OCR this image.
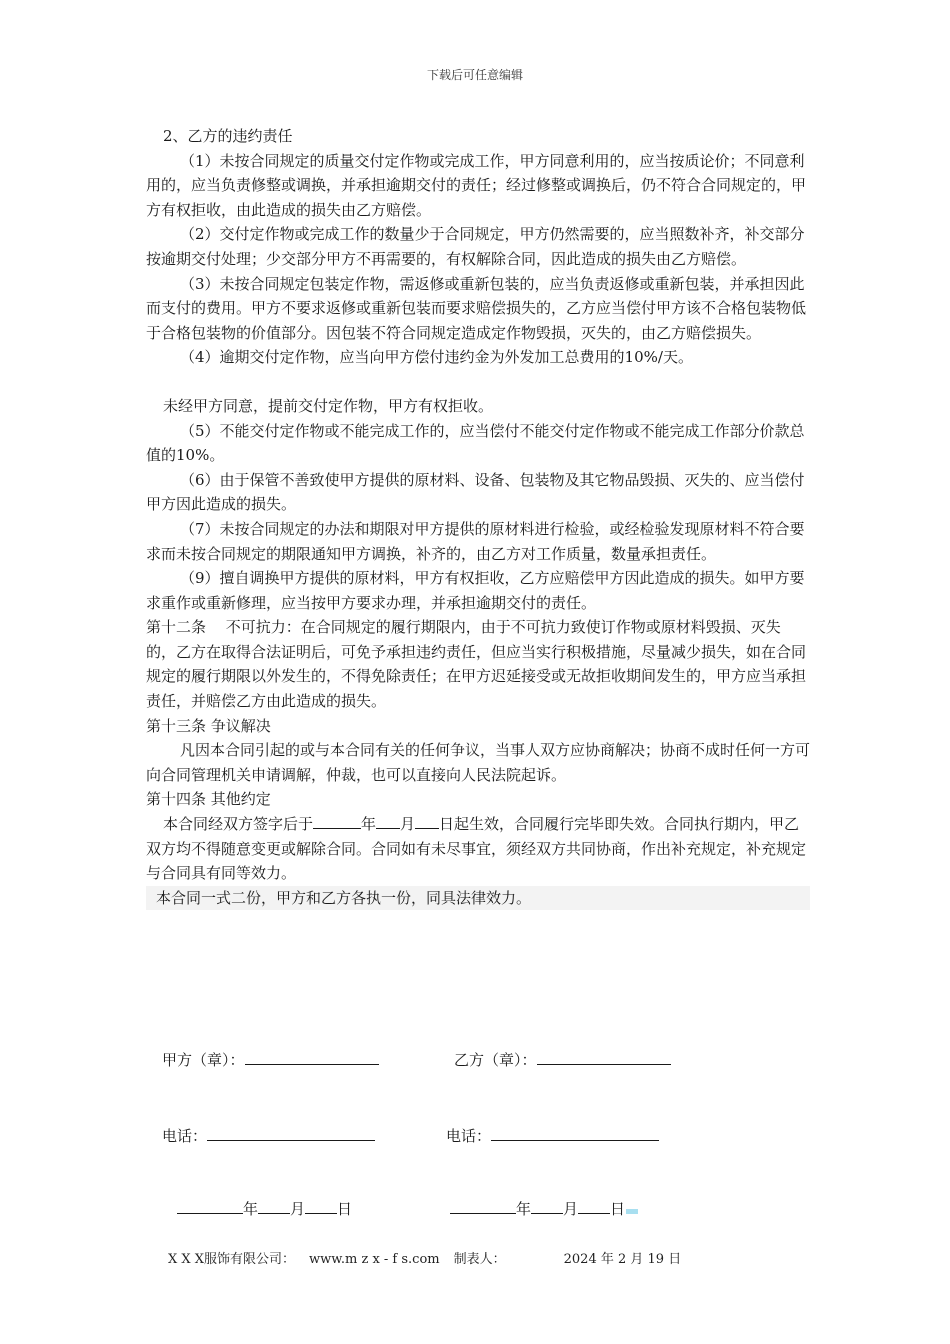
下载后可任意编辑

2、乙方的违约责任

（1）未按合同规定的质量交付定作物或完成工作，甲方同意利用的，应当按质论价；不同意利用的，应当负责修整或调换，并承担逾期交付的责任；经过修整或调换后，仍不符合合同规定的，甲方有权拒收，由此造成的损失由乙方赔偿。

（2）交付定作物或完成工作的数量少于合同规定，甲方仍然需要的，应当照数补齐，补交部分按逾期交付处理；少交部分甲方不再需要的，有权解除合同，因此造成的损失由乙方赔偿。

（3）未按合同规定包装定作物，需返修或重新包装的，应当负责返修或重新包装，并承担因此而支付的费用。甲方不要求返修或重新包装而要求赔偿损失的，乙方应当偿付甲方该不合格包装物低于合格包装物的价值部分。因包装不符合同规定造成定作物毁损，灭失的，由乙方赔偿损失。

（4）逾期交付定作物，应当向甲方偿付违约金为外发加工总费用的10%/天。

未经甲方同意，提前交付定作物，甲方有权拒收。

（5）不能交付定作物或不能完成工作的，应当偿付不能交付定作物或不能完成工作部分价款总值的10%。

（6）由于保管不善致使甲方提供的原材料、设备、包装物及其它物品毁损、灭失的、应当偿付甲方因此造成的损失。

（7）未按合同规定的办法和期限对甲方提供的原材料进行检验，或经检验发现原材料不符合要求而未按合同规定的期限通知甲方调换，补齐的，由乙方对工作质量，数量承担责任。

（9）擅自调换甲方提供的原材料，甲方有权拒收，乙方应赔偿甲方因此造成的损失。如甲方要求重作或重新修理，应当按甲方要求办理，并承担逾期交付的责任。

第十二条　 不可抗力：在合同规定的履行期限内，由于不可抗力致使订作物或原材料毁损、灭失的，乙方在取得合法证明后，可免予承担违约责任，但应当实行积极措施，尽量减少损失，如在合同规定的履行期限以外发生的，不得免除责任；在甲方迟延接受或无故拒收期间发生的，甲方应当承担责任，并赔偿乙方由此造成的损失。

第十三条 争议解决

凡因本合同引起的或与本合同有关的任何争议，当事人双方应协商解决；协商不成时任何一方可向合同管理机关申请调解，仲裁，也可以直接向人民法院起诉。

第十四条 其他约定

本合同经双方签字后于	年 月 日起生效，合同履行完毕即失效。合同执行期内，甲乙双方均不得随意变更或解除合同。合同如有未尽事宜，须经双方共同协商，作出补充规定，补充规定与合同具有同等效力。

本合同一式二份，甲方和乙方各执一份，同具法律效力。

甲方（章）：	乙方（章）：
电话：	电话：
年 月 日	年 月 日
X X X服饰有限公司： www.m z x - f s.com 制表人：	2024 年 2 月 19 日
